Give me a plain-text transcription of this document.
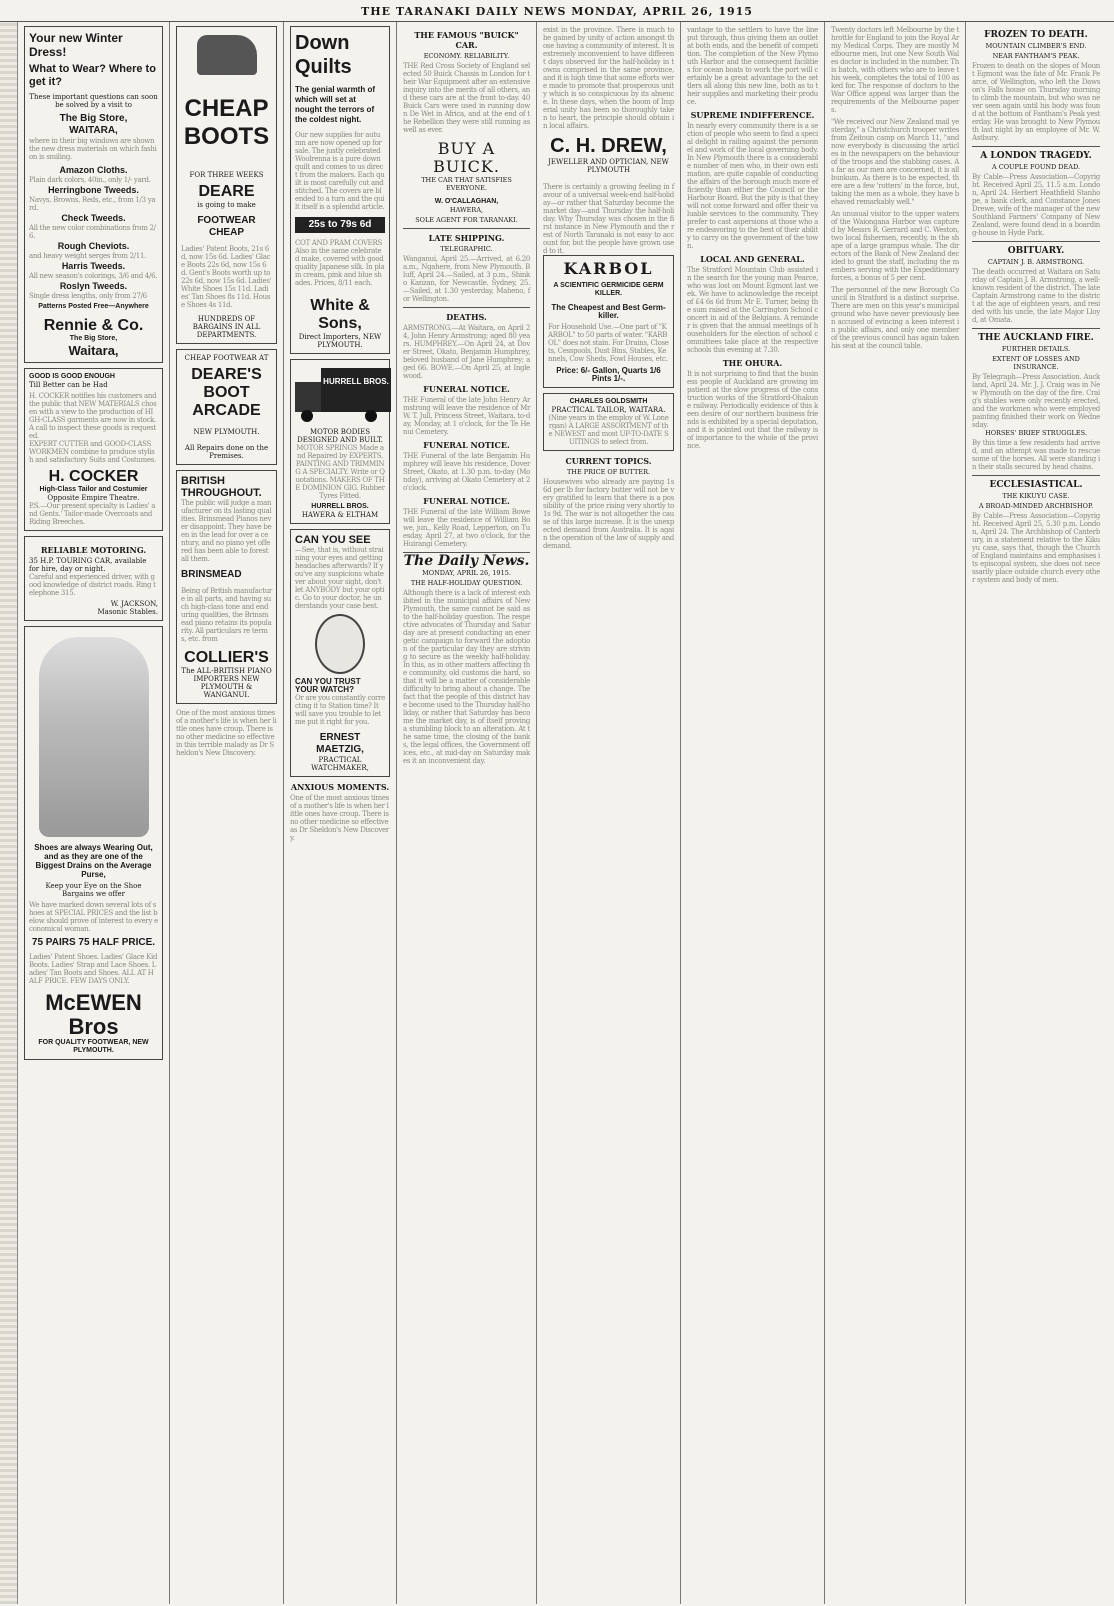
THE TARANAKI DAILY NEWS MONDAY, APRIL 26, 1915
Your new Winter Dress!
What to Wear? Where to get it?
These important questions can soon be solved by a visit to
The Big Store,
WAITARA,
where in their big windows are shown the new dress materials on which fashion is smiling.
Amazon Cloths.
Plain dark colors, 40in., only 1/- yard.
Herringbone Tweeds.
Navys, Browns, Reds, etc., from 1/3 yard.
Check Tweeds.
All the new color combinations from 2/6.
Rough Cheviots.
and heavy weight serges from 2/11.
Harris Tweeds.
All new season's colorings, 3/6 and 4/6.
Roslyn Tweeds.
Single dress lengths, only from 27/6
Patterns Posted Free—Anywhere
Rennie & Co.
The Big Store,
Waitara,
GOOD IS GOOD ENOUGH
Till Better can be Had
H. COCKER notifies his customers and the public that NEW MATERIALS chosen with a view to the production of HIGH-CLASS garments are now in stock. A call to inspect these goods is requested.
EXPERT CUTTER and GOOD-CLASS WORKMEN combine to produce stylish and satisfactory Suits and Costumes.
H. COCKER
High-Class Tailor and Costumier
Opposite Empire Theatre.
P.S.—Our present specialty is Ladies' and Gents.' Tailor-made Overcoats and Riding Breeches.
RELIABLE MOTORING.
35 H.P. TOURING CAR, available for hire, day or night.
Careful and experienced driver, with good knowledge of district roads. Ring telephone 315.
W. JACKSON,
Masonic Stables.
Shoes are always Wearing Out, and as they are one of the Biggest Drains on the Average Purse,
Keep your Eye on the Shoe Bargains we offer
We have marked down several lots of shoes at SPECIAL PRICES and the list below should prove of interest to every economical woman.
75 PAIRS 75 HALF PRICE.
Ladies' Patent Shoes. Ladies' Glace Kid Boots. Ladies' Strap and Lace Shoes. Ladies' Tan Boots and Shoes. ALL AT HALF PRICE. FEW DAYS ONLY.
McEWEN Bros
FOR QUALITY FOOTWEAR, NEW PLYMOUTH.
CHEAP
BOOTS
FOR THREE WEEKS
DEARE
is going to make
FOOTWEAR CHEAP
Ladies' Patent Boots, 21s 6d, now 15s 6d. Ladies' Glace Boots 22s 6d, now 15s 6d. Gent's Boots worth up to 22s 6d, now 15s 6d. Ladies' White Shoes 15s 11d. Ladies' Tan Shoes 8s 11d. House Shoes 4s 11d.
HUNDREDS OF BARGAINS IN ALL DEPARTMENTS.
CHEAP FOOTWEAR AT
DEARE'S
BOOT ARCADE
NEW PLYMOUTH.
All Repairs done on the Premises.
BRITISH THROUGHOUT.
The public will judge a manufacturer on its lasting qualities. Brinsmead Pianos never disappoint. They have been in the lead for over a century, and no piano yet offered has been able to forestall them.
BRINSMEAD
Being of British manufacture in all parts, and having such high-class tone and enduring qualities, the Brinsmead piano retains its popularity. All particulars re terms, etc. from
COLLIER'S
The ALL-BRITISH PIANO IMPORTERS NEW PLYMOUTH & WANGANUI.
One of the most anxious times of a mother's life is when her little ones have croup. There is no other medicine so effective in this terrible malady as Dr Sheldon's New Discovery.
Down Quilts
The genial warmth of which will set at nought the terrors of the coldest night.
Our new supplies for autumn are now opened up for sale. The justly celebrated Woolrenna is a pure down quilt and comes to us direct from the makers. Each quilt is most carefully cut and stitched. The covers are blended to a turn and the quilt itself is a splendid article.
25s to 79s 6d
COT AND PRAM COVERS Also in the same celebrated make, covered with good quality Japanese silk. In plain cream, pink and blue shades. Prices, 8/11 each.
White & Sons,
Direct Importers, NEW PLYMOUTH.
HURRELL BROS.
MOTOR BODIES DESIGNED AND BUILT.
MOTOR SPRINGS Made and Repaired by EXPERTS. PAINTING AND TRIMMING A SPECIALTY. Write or Quotations. MAKERS OF THE DOMINION GIG. Rubber Tyres Fitted.
HURRELL BROS.
HAWERA & ELTHAM
CAN YOU SEE
—See, that is, without straining your eyes and getting headaches afterwards? If you've any suspicions whatever about your sight, don't let ANYBODY but your optic. Go to your doctor, he understands your case best.
CAN YOU TRUST YOUR WATCH?
Or are you constantly correcting it to Station time? It will save you trouble to let me put it right for you.
ERNEST MAETZIG,
PRACTICAL WATCHMAKER,
ANXIOUS MOMENTS.
One of the most anxious times of a mother's life is when her little ones have croup. There is no other medicine so effective as Dr Sheldon's New Discovery.
THE FAMOUS "BUICK" CAR.
ECONOMY. RELIABILITY.
THE Red Cross Society of England selected 50 Buick Chassis in London for their War Equipment after an extensive inquiry into the merits of all others, and these cars are at the front to-day. 40 Buick Cars were used in running down De Wet in Africa, and at the end of the Rebellion they were still running as well as ever.
BUY A BUICK.
THE CAR THAT SATISFIES EVERYONE.
W. O'CALLAGHAN,
HAWERA,
SOLE AGENT FOR TARANAKI.
LATE SHIPPING.
TELEGRAPHIC.
Wanganui, April 25.—Arrived, at 6.20 a.m., Ngahere, from New Plymouth. Bluff, April 24.—Sailed, at 3 p.m., Shinko Kanzan, for Newcastle. Sydney, 25.—Sailed, at 1.30 yesterday, Maheno, for Wellington.
DEATHS.
ARMSTRONG.—At Waitara, on April 24, John Henry Armstrong; aged 80 years. HUMPHREY.—On April 24, at Dover Street, Okato, Benjamin Humphrey, beloved husband of Jane Humphrey; aged 66. BOWE.—On April 25, at Inglewood.
FUNERAL NOTICE.
THE Funeral of the late John Henry Armstrong will leave the residence of Mr W. T. Jull, Princess Street, Waitara, to-day, Monday, at 1 o'clock, for the Te Henui Cemetery.
FUNERAL NOTICE.
THE Funeral of the late Benjamin Humphrey will leave his residence, Dover Street, Okato, at 1.30 p.m. to-day (Monday), arriving at Okato Cemetery at 2 o'clock.
FUNERAL NOTICE.
THE Funeral of the late William Bowe will leave the residence of William Bowe, jun., Kelly Road, Lepperton, on Tuesday, April 27, at two o'clock, for the Huirangi Cemetery.
The Daily News.
MONDAY, APRIL 26, 1915.
THE HALF-HOLIDAY QUESTION.
Although there is a lack of interest exhibited in the municipal affairs of New Plymouth, the same cannot be said as to the half-holiday question. The respective advocates of Thursday and Saturday are at present conducting an energetic campaign to forward the adoption of the particular day they are striving to secure as the weekly half-holiday. In this, as in other matters affecting the community, old customs die hard, so that it will be a matter of considerable difficulty to bring about a change. The fact that the people of this district have become used to the Thursday half-holiday, or rather that Saturday has become the market day, is of itself proving a stumbling block to an alteration. At the same time, the closing of the banks, the legal offices, the Government offices, etc., at mid-day on Saturday makes it an inconvenient day.
exist in the province. There is much to be gained by unity of action amongst those having a community of interest. It is extremely inconvenient to have different days observed for the half-holiday in towns comprised in the same province, and it is high time that some efforts were made to promote that prosperous unity which is so conspicuous by its absence. In these days, when the boom of Imperial unity has been so thoroughly taken to heart, the principle should obtain in local affairs.
C. H. DREW,
JEWELLER AND OPTICIAN, NEW PLYMOUTH
There is certainly a growing feeling in favour of a universal week-end half-holiday—or rather that Saturday become the market day—and Thursday the half-holiday. Why Thursday was chosen in the first instance in New Plymouth and the rest of North Taranaki is not easy to account for, but the people have grown used to it.
KARBOL
A SCIENTIFIC GERMICIDE GERM KILLER.
The Cheapest and Best Germ-killer.
For Household Use.—One part of "KARBOL" to 50 parts of water. "KARBOL" does not stain. For Drains, Closets, Cesspools, Dust Bins, Stables, Kennels, Cow Sheds, Fowl Houses, etc.
Price: 6/- Gallon, Quarts 1/6 Pints 1/-.
CHARLES GOLDSMITH
PRACTICAL TAILOR, WAITARA.
(Nine years in the employ of W. Lonergan) A LARGE ASSORTMENT of the NEWEST and most UP-TO-DATE SUITINGS to select from.
CURRENT TOPICS.
THE PRICE OF BUTTER.
Housewives who already are paying 1s 6d per lb for factory butter will not be very gratified to learn that there is a possibility of the price rising very shortly to 1s 9d. The war is not altogether the cause of this large increase. It is the unexpected demand from Australia. It is again the operation of the law of supply and demand.
vantage to the settlers to have the line put through, thus giving them an outlet at both ends, and the benefit of competition. The completion of the New Plymouth Harbor and the consequent facilities for ocean boats to work the port will certainly be a great advantage to the settlers all along this new line, both as to their supplies and marketing their produce.
SUPREME INDIFFERENCE.
In nearly every community there is a section of people who seem to find a special delight in railing against the personnel and work of the local governing body. In New Plymouth there is a considerable number of men who, in their own estimation, are quite capable of conducting the affairs of the borough much more efficiently than either the Council or the Harbour Board. But the pity is that they will not come forward and offer their valuable services to the community. They prefer to cast aspersions at those who are endeavoring to the best of their ability to carry on the government of the town.
LOCAL AND GENERAL.
The Stratford Mountain Club assisted in the search for the young man Pearce, who was lost on Mount Egmont last week. We have to acknowledge the receipt of £4 6s 6d from Mr E. Turner, being the sum raised at the Carrington School concert in aid of the Belgians. A reminder is given that the annual meetings of householders for the election of school committees take place at the respective schools this evening at 7.30.
THE OHURA.
It is not surprising to find that the business people of Auckland are growing impatient at the slow progress of the construction works of the Stratford-Ohakune railway. Periodically evidence of this keen desire of our northern business friends is exhibited by a special deputation, and it is pointed out that the railway is of importance to the whole of the province.
Twenty doctors left Melbourne by the throttle for England to join the Royal Army Medical Corps. They are mostly Melbourne men, but one New South Wales doctor is included in the number. This batch, with others who are to leave this week, completes the total of 100 asked for. The response of doctors to the War Office appeal was larger than the requirements of the Melbourne papers.
"We received our New Zealand mail yesterday," a Christchurch trooper writes from Zeitoun camp on March 11, "and now everybody is discussing the articles in the newspapers on the behaviour of the troops and the stabbing cases. As far as our men are concerned, it is all bunkum. As there is to be expected, there are a few 'rotters' in the force, but, taking the men as a whole, they have behaved remarkably well."
An unusual visitor to the upper waters of the Waiongana Harbor was captured by Messrs R. Gerrard and C. Weston, two local fishermen, recently, in the shape of a large grampus whale. The directors of the Bank of New Zealand decided to grant the staff, including the members serving with the Expeditionary forces, a bonus of 5 per cent.
The personnel of the new Borough Council in Stratford is a distinct surprise. There are men on this year's municipal ground who have never previously been accused of evincing a keen interest in public affairs, and only one member of the previous council has again taken his seat at the council table.
FROZEN TO DEATH.
MOUNTAIN CLIMBER'S END.
NEAR FANTHAM'S PEAK.
Frozen to death on the slopes of Mount Egmont was the fate of Mr. Frank Pearce, of Wellington, who left the Dawson's Falls house on Thursday morning to climb the mountain, but who was never seen again until his body was found at the bottom of Fantham's Peak yesterday. He was brought to New Plymouth last night by an employee of Mr. W. Astbury.
A LONDON TRAGEDY.
A COUPLE FOUND DEAD.
By Cable—Press Association—Copyright. Received April 25, 11.5 a.m. London, April 24. Herbert Heathfield Stanhope, a bank clerk, and Constance Jones Drewe, wife of the manager of the new Southland Farmers' Company of New Zealand, were found dead in a boarding-house in Hyde Park.
OBITUARY.
CAPTAIN J. B. ARMSTRONG.
The death occurred at Waitara on Saturday of Captain J. B. Armstrong, a well-known resident of the district. The late Captain Armstrong came to the district at the age of eighteen years, and resided with his uncle, the late Major Lloyd, at Omata.
THE AUCKLAND FIRE.
FURTHER DETAILS.
EXTENT OF LOSSES AND INSURANCE.
By Telegraph—Press Association. Auckland, April 24. Mr. J. J. Craig was in New Plymouth on the day of the fire. Craig's stables were only recently erected, and the workmen who were employed painting finished their work on Wednesday.
HORSES' BRIEF STRUGGLES.
By this time a few residents had arrived, and an attempt was made to rescue some of the horses. All were standing in their stalls secured by head chains.
ECCLESIASTICAL.
THE KIKUYU CASE.
A BROAD-MINDED ARCHBISHOP.
By Cable—Press Association—Copyright. Received April 25, 5.30 p.m. London, April 24. The Archbishop of Canterbury, in a statement relative to the Kikuyu case, says that, though the Church of England maintains and emphasises its episcopal system, she does not necessarily place outside church every other system and body of men.
